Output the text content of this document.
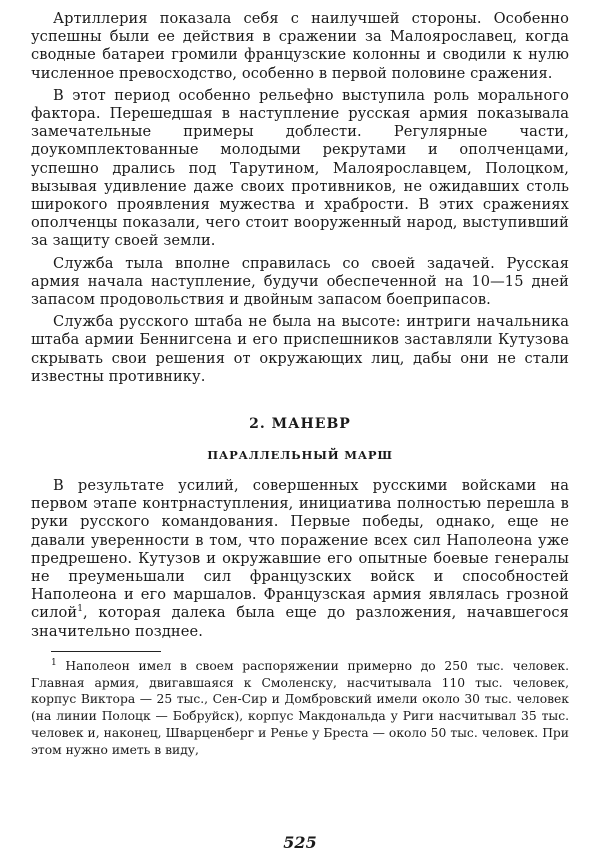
Артиллерия показала себя с наилучшей стороны. Особенно успешны были ее действия в сражении за Малоярославец, когда сводные батареи громили французские колонны и сводили к нулю численное превосходство, особенно в первой половине сражения.

В этот период особенно рельефно выступила роль морального фактора. Перешедшая в наступление русская армия показывала замечательные примеры доблести. Регулярные части, доукомплектованные молодыми рекрутами и ополченцами, успешно дрались под Тарутином, Малоярославцем, Полоцком, вызывая удивление даже своих противников, не ожидавших столь широкого проявления мужества и храбрости. В этих сражениях ополченцы показали, чего стоит вооруженный народ, выступивший за защиту своей земли.

Служба тыла вполне справилась со своей задачей. Русская армия начала наступление, будучи обеспеченной на 10—15 дней запасом продовольствия и двойным запасом боеприпасов.

Служба русского штаба не была на высоте: интриги начальника штаба армии Беннигсена и его приспешников заставляли Кутузова скрывать свои решения от окружающих лиц, дабы они не стали известны противнику.

2. МАНЕВР
ПАРАЛЛЕЛЬНЫЙ МАРШ

В результате усилий, совершенных русскими войсками на первом этапе контрнаступления, инициатива полностью перешла в руки русского командования. Первые победы, однако, еще не давали уверенности в том, что поражение всех сил Наполеона уже предрешено. Кутузов и окружавшие его опытные боевые генералы не преуменьшали сил французских войск и способностей Наполеона и его маршалов. Французская армия являлась грозной силой$^1$, которая далека была еще до разложения, начавшегося значительно позднее.

$^1$ Наполеон имел в своем распоряжении примерно до 250 тыс. человек. Главная армия, двигавшаяся к Смоленску, насчитывала 110 тыс. человек, корпус Виктора — 25 тыс., Сен-Сир и Домбровский имели около 30 тыс. человек (на линии Полоцк — Бобруйск), корпус Макдональда у Риги насчитывал 35 тыс. человек и, наконец, Шварценберг и Ренье у Бреста — около 50 тыс. человек. При этом нужно иметь в виду,

525
